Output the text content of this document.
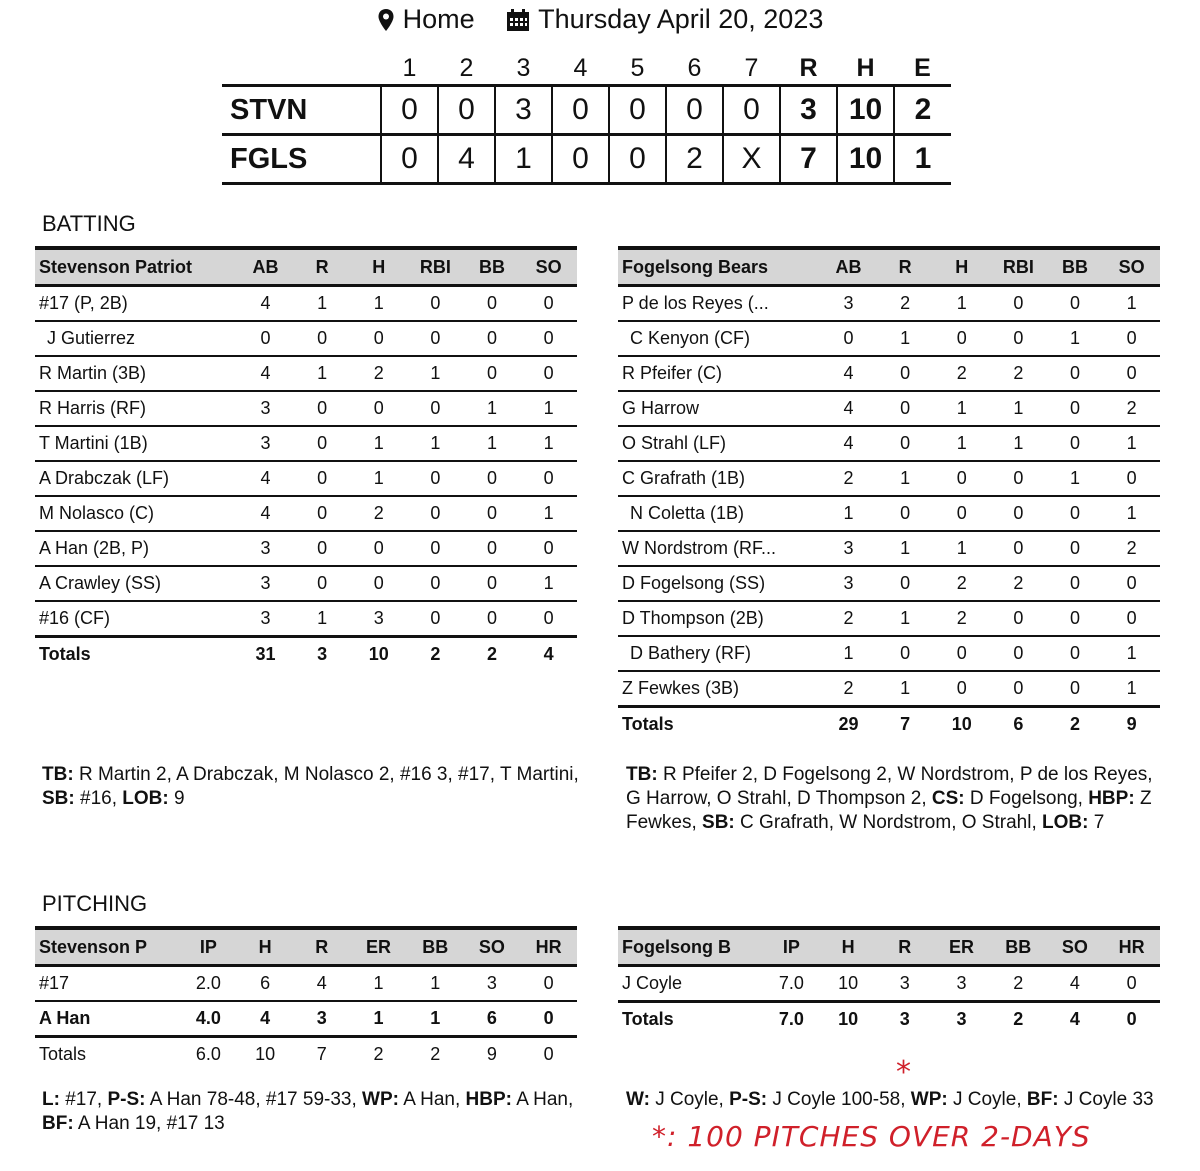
Home
Thursday April 20, 2023
	1	2	3	4	5	6	7	R	H	E
STVN	0	0	3	0	0	0	0	3	10	2
FGLS	0	4	1	0	0	2	X	7	10	1
BATTING
Stevenson Patriot	AB	R	H	RBI	BB	SO
#17 (P, 2B)	4	1	1	0	0	0
J Gutierrez	0	0	0	0	0	0
R Martin (3B)	4	1	2	1	0	0
R Harris (RF)	3	0	0	0	1	1
T Martini (1B)	3	0	1	1	1	1
A Drabczak (LF)	4	0	1	0	0	0
M Nolasco (C)	4	0	2	0	0	1
A Han (2B, P)	3	0	0	0	0	0
A Crawley (SS)	3	0	0	0	0	1
#16 (CF)	3	1	3	0	0	0
Totals	31	3	10	2	2	4
Fogelsong Bears	AB	R	H	RBI	BB	SO
P de los Reyes (...	3	2	1	0	0	1
C Kenyon (CF)	0	1	0	0	1	0
R Pfeifer (C)	4	0	2	2	0	0
G Harrow	4	0	1	1	0	2
O Strahl (LF)	4	0	1	1	0	1
C Grafrath (1B)	2	1	0	0	1	0
N Coletta (1B)	1	0	0	0	0	1
W Nordstrom (RF...	3	1	1	0	0	2
D Fogelsong (SS)	3	0	2	2	0	0
D Thompson (2B)	2	1	2	0	0	0
D Bathery (RF)	1	0	0	0	0	1
Z Fewkes (3B)	2	1	0	0	0	1
Totals	29	7	10	6	2	9
TB: R Martin 2, A Drabczak, M Nolasco 2, #16 3, #17, T Martini, SB: #16, LOB: 9
TB: R Pfeifer 2, D Fogelsong 2, W Nordstrom, P de los Reyes, G Harrow, O Strahl, D Thompson 2, CS: D Fogelsong, HBP: Z Fewkes, SB: C Grafrath, W Nordstrom, O Strahl, LOB: 7
PITCHING
Stevenson P	IP	H	R	ER	BB	SO	HR
#17	2.0	6	4	1	1	3	0
A Han	4.0	4	3	1	1	6	0
Totals	6.0	10	7	2	2	9	0
Fogelsong B	IP	H	R	ER	BB	SO	HR
J Coyle	7.0	10	3	3	2	4	0
Totals	7.0	10	3	3	2	4	0
L: #17, P-S: A Han 78-48, #17 59-33, WP: A Han, HBP: A Han, BF: A Han 19, #17 13
W: J Coyle, P-S: J Coyle 100-58, WP: J Coyle, BF: J Coyle 33
*
*: 100 PITCHES OVER 2-DAYS
